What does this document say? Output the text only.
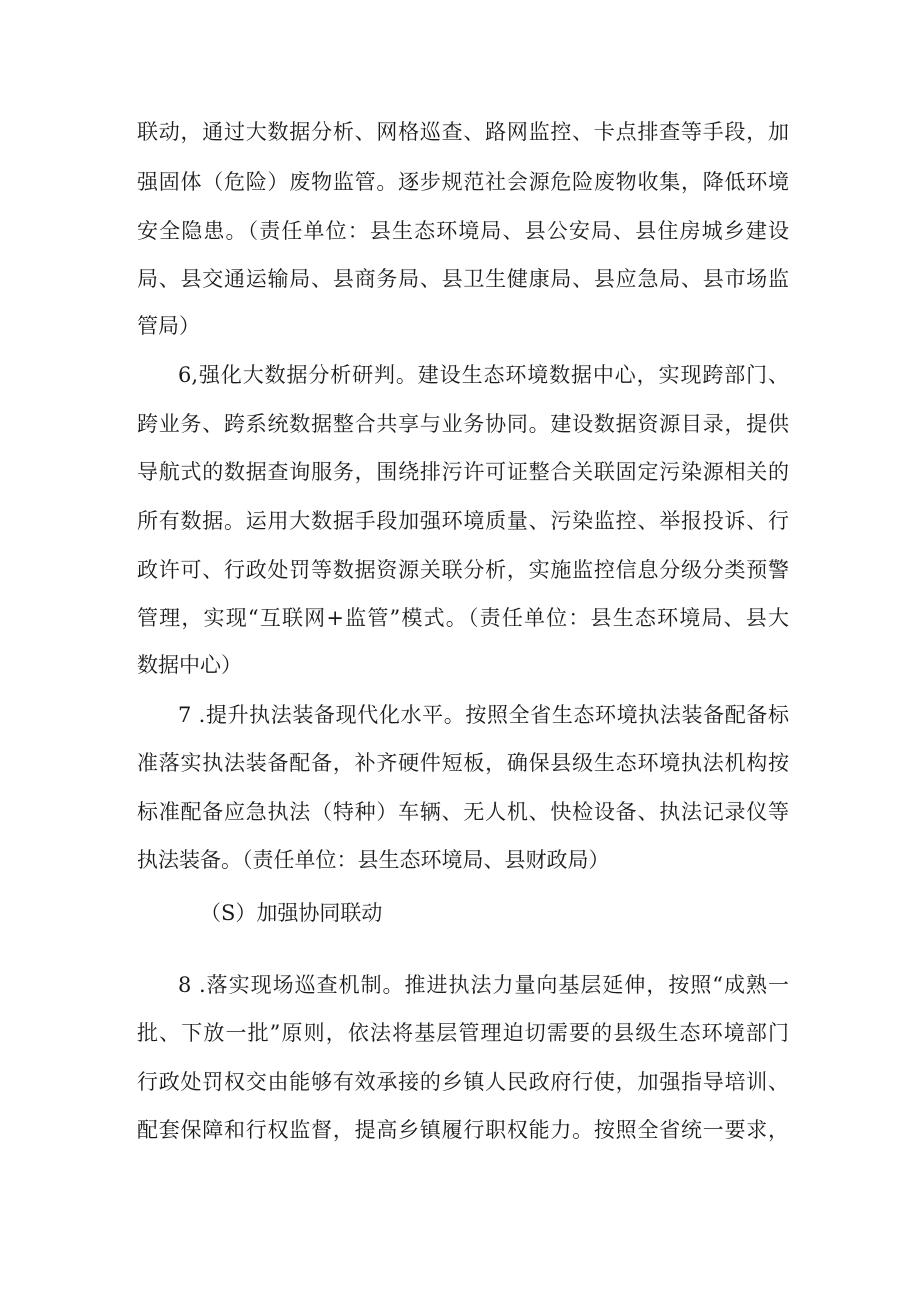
联动，通过大数据分析、网格巡查、路网监控、卡点排查等手段，加
强固体（危险）废物监管。逐步规范社会源危险废物收集，降低环境
安全隐患。（责任单位：县生态环境局、县公安局、县住房城乡建设
局、县交通运输局、县商务局、县卫生健康局、县应急局、县市场监
管局）
6,强化大数据分析研判。建设生态环境数据中心，实现跨部门、
跨业务、跨系统数据整合共享与业务协同。建设数据资源目录，提供
导航式的数据查询服务，围绕排污许可证整合关联固定污染源相关的
所有数据。运用大数据手段加强环境质量、污染监控、举报投诉、行
政许可、行政处罚等数据资源关联分析，实施监控信息分级分类预警
管理，实现“互联网+监管”模式。（责任单位：县生态环境局、县大
数据中心）
7 .提升执法装备现代化水平。按照全省生态环境执法装备配备标
准落实执法装备配备，补齐硬件短板，确保县级生态环境执法机构按
标准配备应急执法（特种）车辆、无人机、快检设备、执法记录仪等
执法装备。（责任单位：县生态环境局、县财政局）
（S）加强协同联动
8 .落实现场巡查机制。推进执法力量向基层延伸，按照“成熟一
批、下放一批”原则，依法将基层管理迫切需要的县级生态环境部门
行政处罚权交由能够有效承接的乡镇人民政府行使，加强指导培训、
配套保障和行权监督，提高乡镇履行职权能力。按照全省统一要求，
